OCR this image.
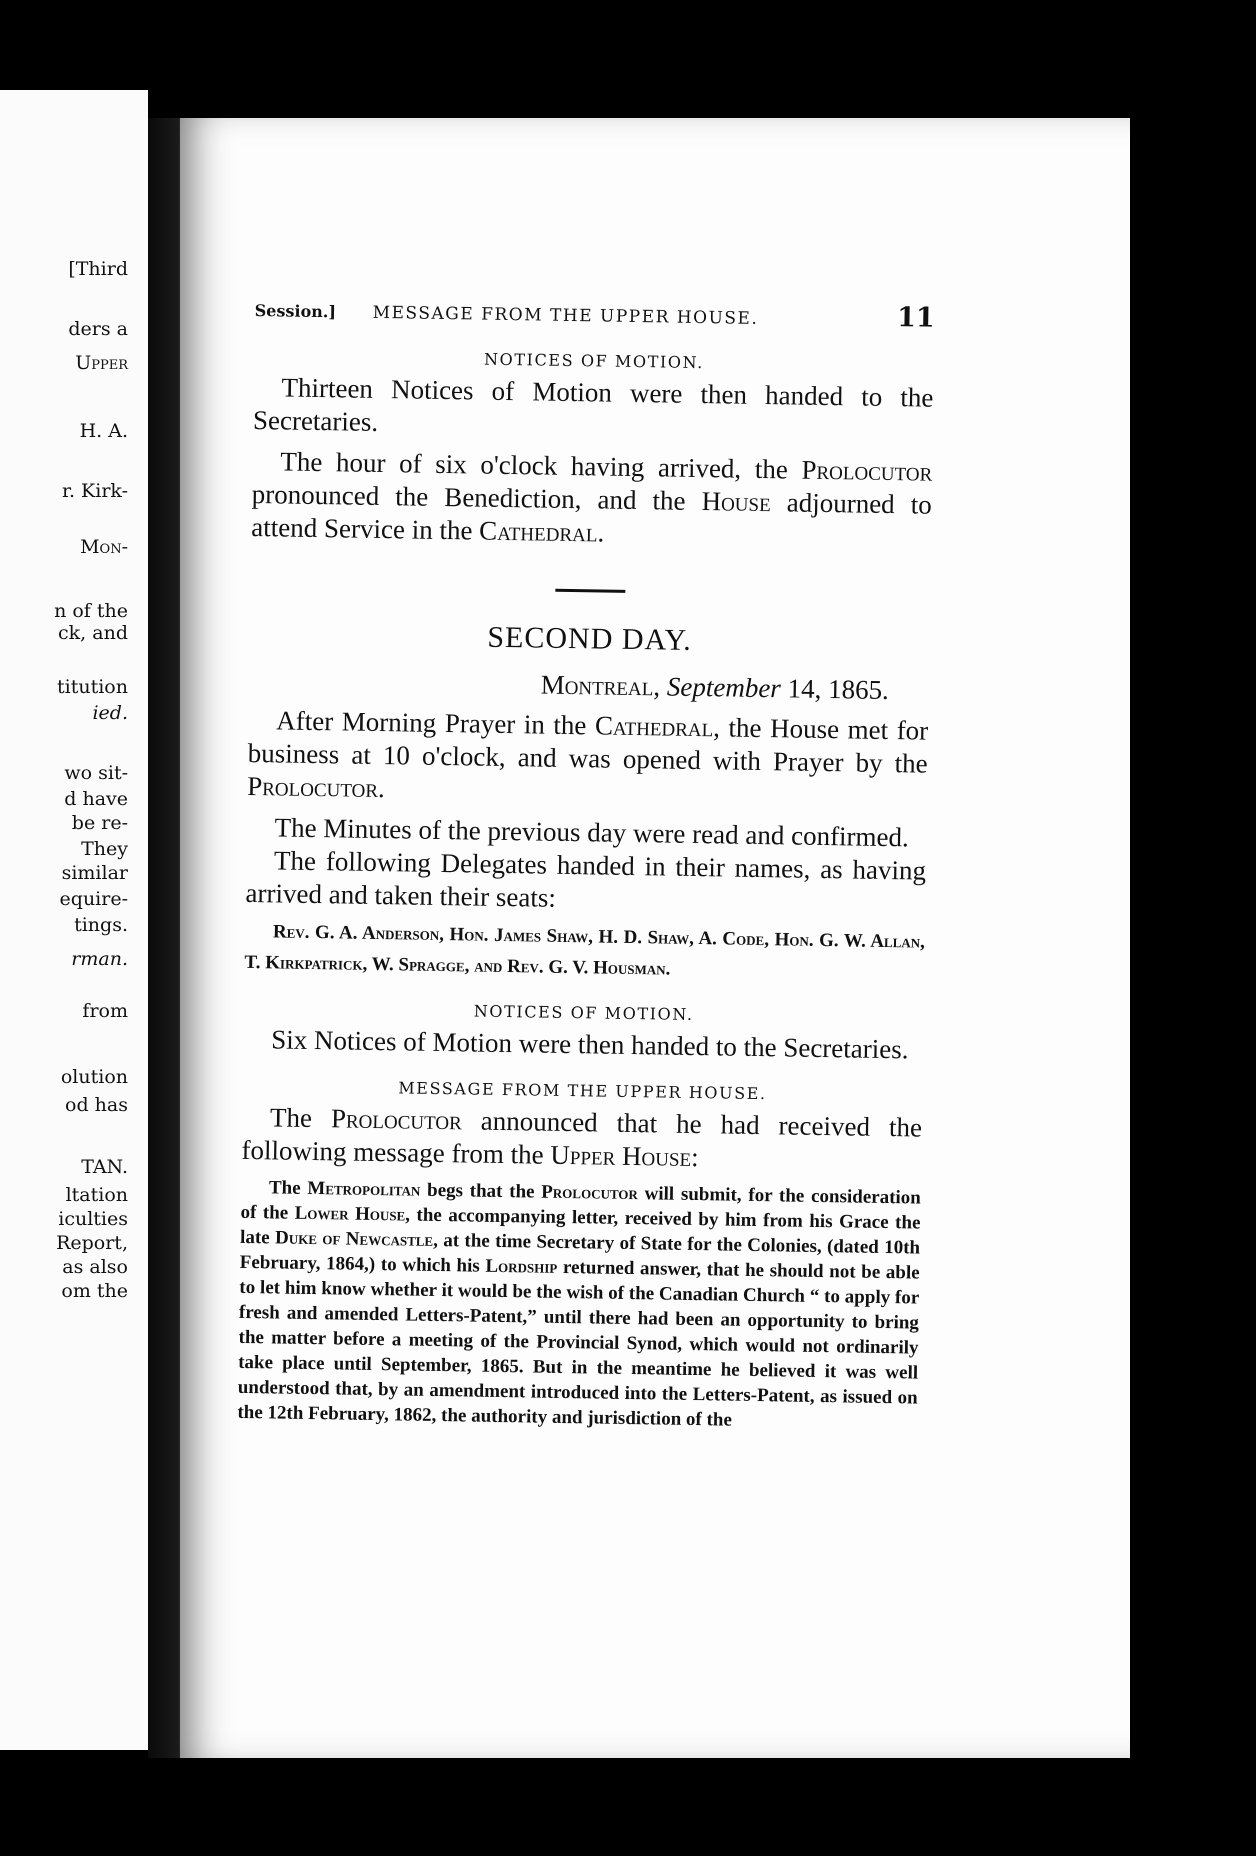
[Third
ders a
Upper
H. A.
r. Kirk-
Mon-
n of the
ck, and
titution
ied.
wo sit-
d have
be re-
They
similar
equire-
tings.
rman.
from
olution
od has
TAN.
ltation
iculties
Report,
as also
om the
Session.]	MESSAGE FROM THE UPPER HOUSE.	11
NOTICES OF MOTION.

Thirteen Notices of Motion were then handed to the Secretaries.

The hour of six o'clock having arrived, the Prolocutor pronounced the Benediction, and the House adjourned to attend Service in the Cathedral.

SECOND DAY.
Montreal, September 14, 1865.

After Morning Prayer in the Cathedral, the House met for business at 10 o'clock, and was opened with Prayer by the Prolocutor.

The Minutes of the previous day were read and confirmed.

The following Delegates handed in their names, as having arrived and taken their seats:

Rev. G. A. Anderson, Hon. James Shaw, H. D. Shaw, A. Code, Hon. G. W. Allan, T. Kirkpatrick, W. Spragge, and Rev. G. V. Housman.

NOTICES OF MOTION.

Six Notices of Motion were then handed to the Secretaries.

MESSAGE FROM THE UPPER HOUSE.

The Prolocutor announced that he had received the following message from the Upper House:

The Metropolitan begs that the Prolocutor will submit, for the consideration of the Lower House, the accompanying letter, received by him from his Grace the late Duke of Newcastle, at the time Secretary of State for the Colonies, (dated 10th February, 1864,) to which his Lordship returned answer, that he should not be able to let him know whether it would be the wish of the Canadian Church “ to apply for fresh and amended Letters-Patent,” until there had been an opportunity to bring the matter before a meeting of the Provincial Synod, which would not ordinarily take place until September, 1865. But in the meantime he believed it was well understood that, by an amendment introduced into the Letters-Patent, as issued on the 12th February, 1862, the authority and jurisdiction of the
